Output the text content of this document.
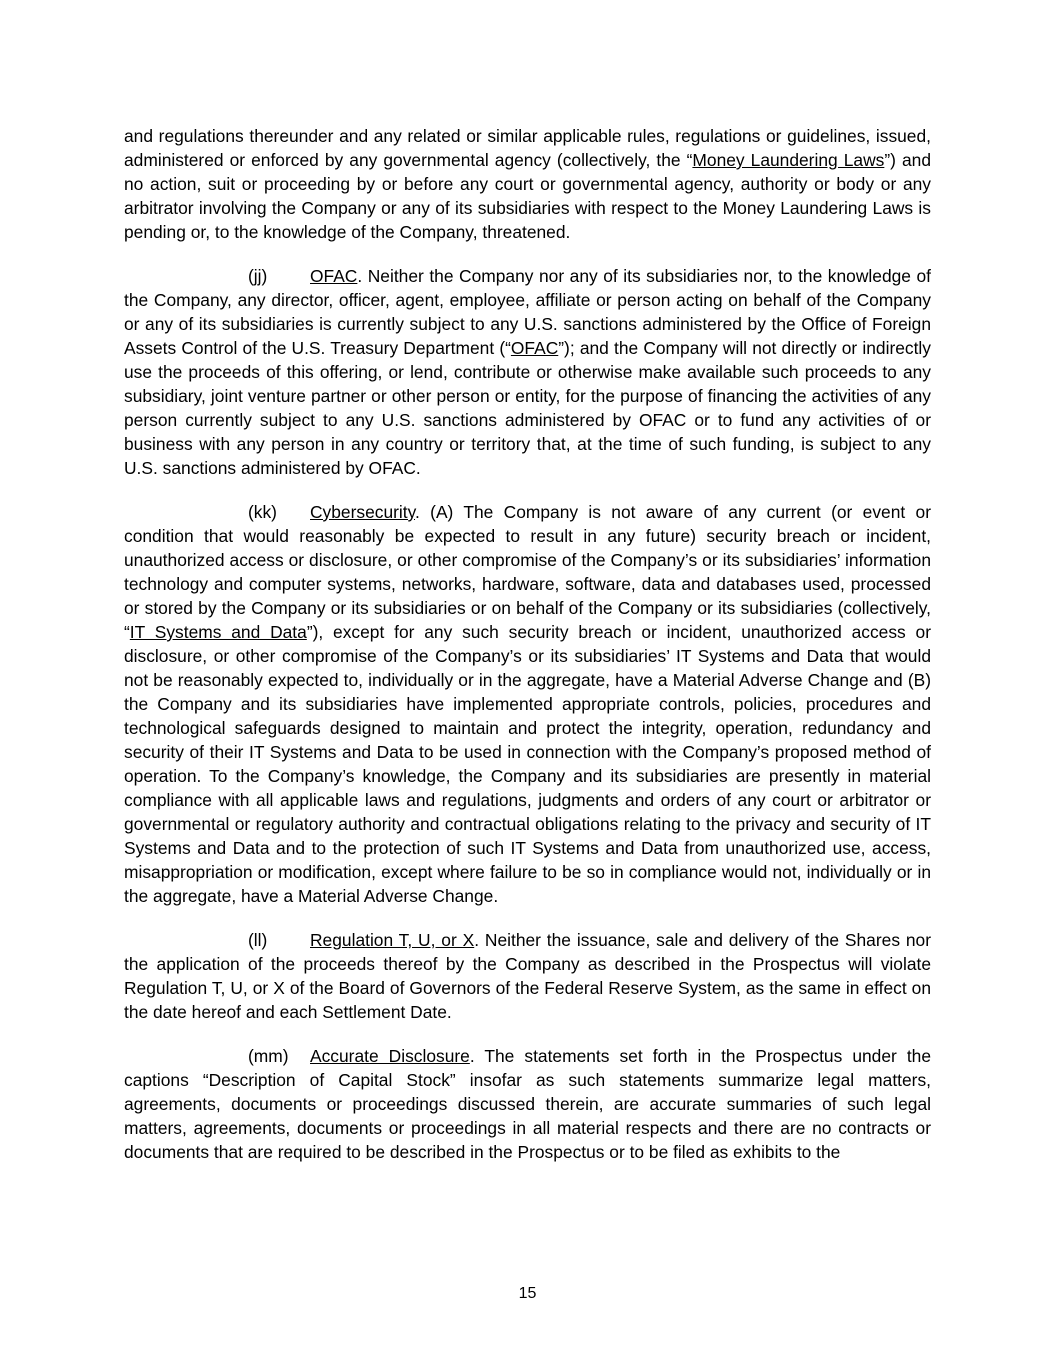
and regulations thereunder and any related or similar applicable rules, regulations or guidelines, issued, administered or enforced by any governmental agency (collectively, the “Money Laundering Laws”) and no action, suit or proceeding by or before any court or governmental agency, authority or body or any arbitrator involving the Company or any of its subsidiaries with respect to the Money Laundering Laws is pending or, to the knowledge of the Company, threatened.

(jj) OFAC. Neither the Company nor any of its subsidiaries nor, to the knowledge of the Company, any director, officer, agent, employee, affiliate or person acting on behalf of the Company or any of its subsidiaries is currently subject to any U.S. sanctions administered by the Office of Foreign Assets Control of the U.S. Treasury Department (“OFAC”); and the Company will not directly or indirectly use the proceeds of this offering, or lend, contribute or otherwise make available such proceeds to any subsidiary, joint venture partner or other person or entity, for the purpose of financing the activities of any person currently subject to any U.S. sanctions administered by OFAC or to fund any activities of or business with any person in any country or territory that, at the time of such funding, is subject to any U.S. sanctions administered by OFAC.

(kk) Cybersecurity. (A) The Company is not aware of any current (or event or condition that would reasonably be expected to result in any future) security breach or incident, unauthorized access or disclosure, or other compromise of the Company’s or its subsidiaries’ information technology and computer systems, networks, hardware, software, data and databases used, processed or stored by the Company or its subsidiaries or on behalf of the Company or its subsidiaries (collectively, “IT Systems and Data”), except for any such security breach or incident, unauthorized access or disclosure, or other compromise of the Company’s or its subsidiaries’ IT Systems and Data that would not be reasonably expected to, individually or in the aggregate, have a Material Adverse Change and (B) the Company and its subsidiaries have implemented appropriate controls, policies, procedures and technological safeguards designed to maintain and protect the integrity, operation, redundancy and security of their IT Systems and Data to be used in connection with the Company’s proposed method of operation. To the Company’s knowledge, the Company and its subsidiaries are presently in material compliance with all applicable laws and regulations, judgments and orders of any court or arbitrator or governmental or regulatory authority and contractual obligations relating to the privacy and security of IT Systems and Data and to the protection of such IT Systems and Data from unauthorized use, access, misappropriation or modification, except where failure to be so in compliance would not, individually or in the aggregate, have a Material Adverse Change.

(ll) Regulation T, U, or X. Neither the issuance, sale and delivery of the Shares nor the application of the proceeds thereof by the Company as described in the Prospectus will violate Regulation T, U, or X of the Board of Governors of the Federal Reserve System, as the same in effect on the date hereof and each Settlement Date.

(mm) Accurate Disclosure. The statements set forth in the Prospectus under the captions “Description of Capital Stock” insofar as such statements summarize legal matters, agreements, documents or proceedings discussed therein, are accurate summaries of such legal matters, agreements, documents or proceedings in all material respects and there are no contracts or documents that are required to be described in the Prospectus or to be filed as exhibits to the

15
